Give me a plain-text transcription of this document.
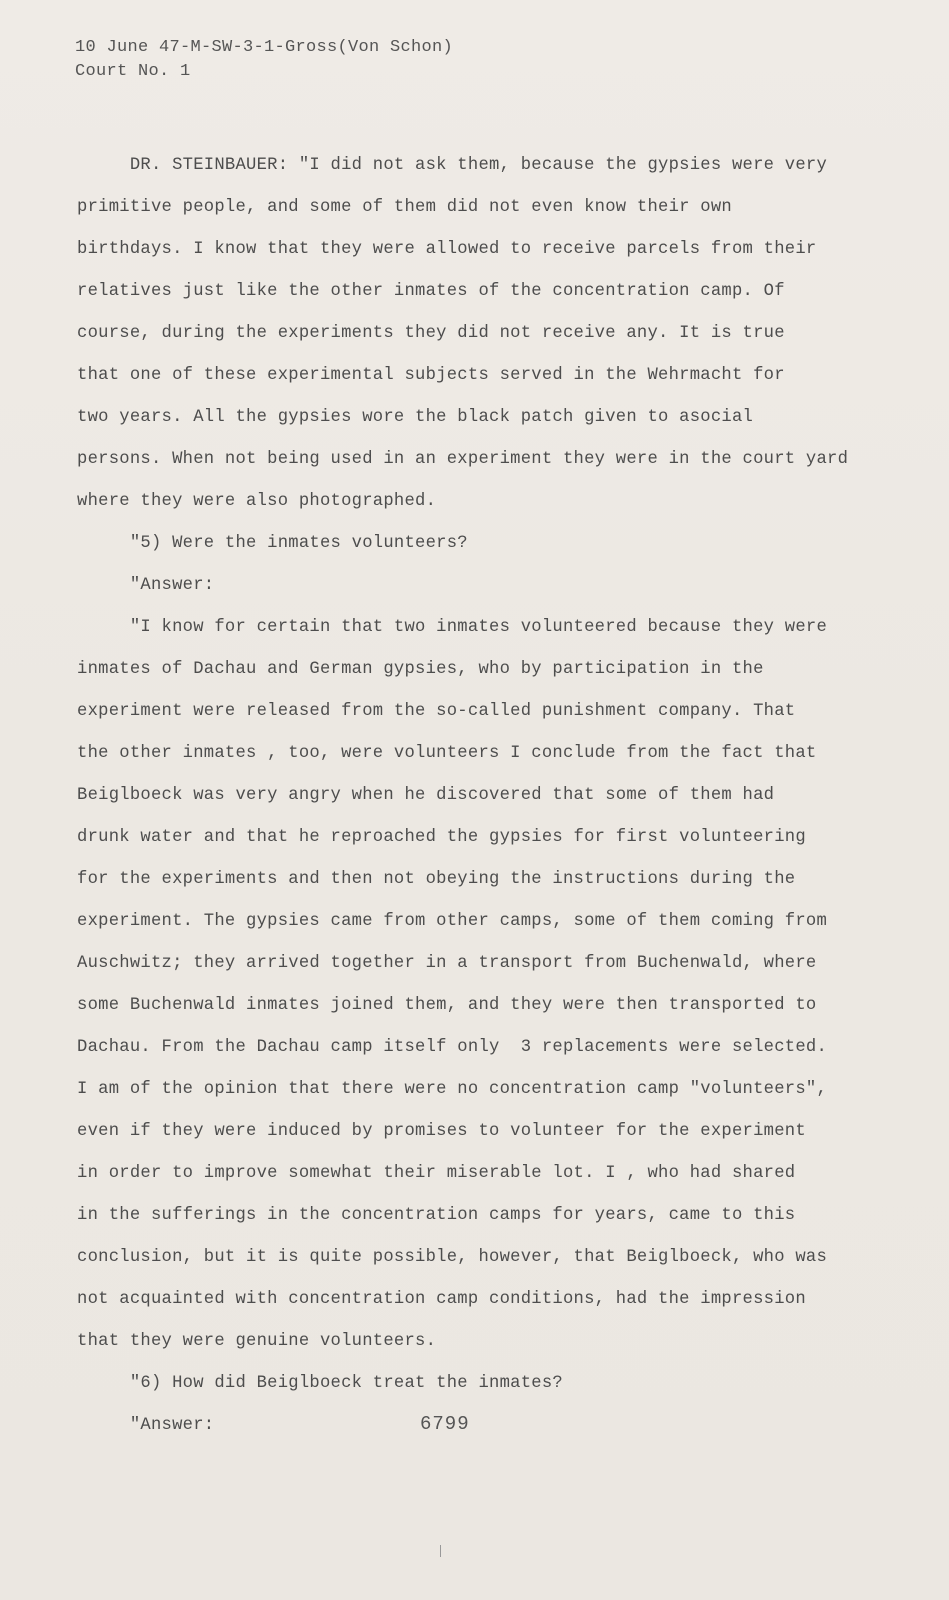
10 June 47-M-SW-3-1-Gross(Von Schon)
Court No. 1
DR. STEINBAUER: "I did not ask them, because the gypsies were very
primitive people, and some of them did not even know their own
birthdays. I know that they were allowed to receive parcels from their
relatives just like the other inmates of the concentration camp. Of
course, during the experiments they did not receive any. It is true
that one of these experimental subjects served in the Wehrmacht for
two years. All the gypsies wore the black patch given to asocial
persons. When not being used in an experiment they were in the court yard
where they were also photographed.
"5) Were the inmates volunteers?
"Answer:
"I know for certain that two inmates volunteered because they were
inmates of Dachau and German gypsies, who by participation in the
experiment were released from the so-called punishment company. That
the other inmates , too, were volunteers I conclude from the fact that
Beiglboeck was very angry when he discovered that some of them had
drunk water and that he reproached the gypsies for first volunteering
for the experiments and then not obeying the instructions during the
experiment. The gypsies came from other camps, some of them coming from
Auschwitz; they arrived together in a transport from Buchenwald, where
some Buchenwald inmates joined them, and they were then transported to
Dachau. From the Dachau camp itself only  3 replacements were selected.
I am of the opinion that there were no concentration camp "volunteers",
even if they were induced by promises to volunteer for the experiment
in order to improve somewhat their miserable lot. I , who had shared
in the sufferings in the concentration camps for years, came to this
conclusion, but it is quite possible, however, that Beiglboeck, who was
not acquainted with concentration camp conditions, had the impression
that they were genuine volunteers.
"6) How did Beiglboeck treat the inmates?
"Answer:	6799
